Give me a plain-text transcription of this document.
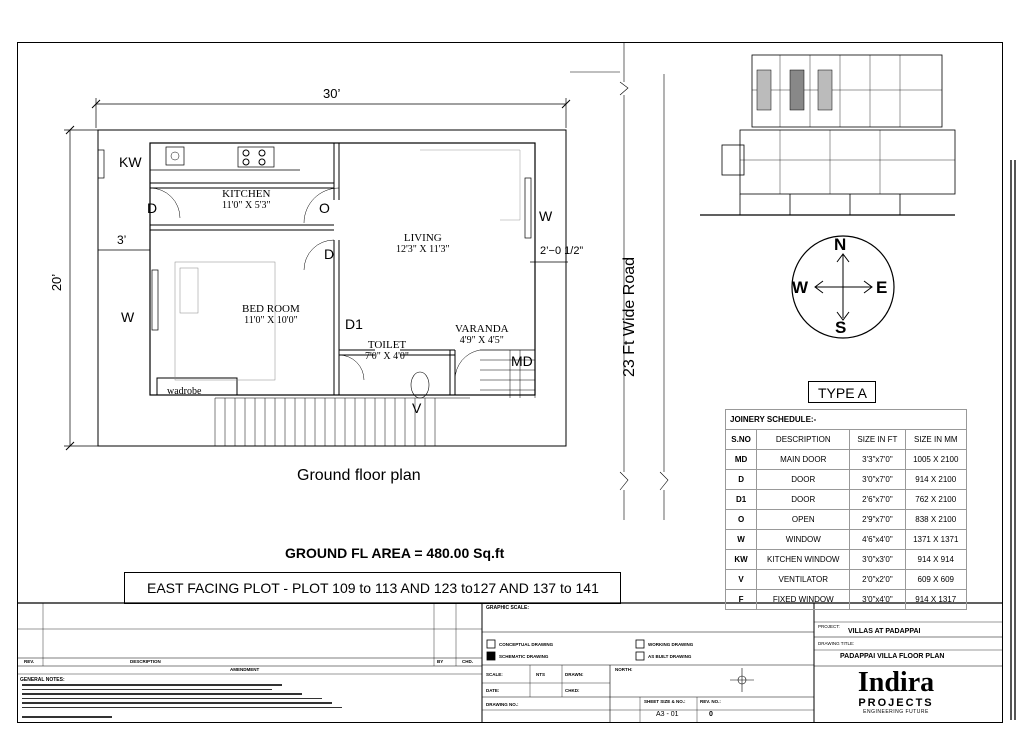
30’
20’
3’
2’−0 1/2”
KITCHEN
11'0" X 5'3"
LIVING
12'3" X 11'3"
BED ROOM
11'0" X 10'0"
TOILET
7'0" X 4'0"
VARANDA
4'9" X 4'5"
wadrobe
KW
D	O	W
D
W	D1
MD
V
Ground floor plan
23 Ft Wide Road
GROUND FL AREA = 480.00 Sq.ft
EAST FACING PLOT - PLOT 109 to 113 AND 123 to127 AND 137 to 141
N
S
E
W
TYPE A
JOINERY SCHEDULE:-
S.NO	DESCRIPTION	SIZE IN FT	SIZE IN MM
MD	MAIN DOOR	3'3"x7'0"	1005 X 2100
D	DOOR	3'0"x7'0"	914 X 2100
D1	DOOR	2'6"x7'0"	762 X 2100
O	OPEN	2'9"x7'0"	838 X 2100
W	WINDOW	4'6"x4'0"	1371 X 1371
KW	KITCHEN WINDOW	3'0"x3'0"	914 X 914
V	VENTILATOR	2'0"x2'0"	609 X 609
F	FIXED WINDOW	3'0"x4'0"	914 X 1317
REV.	DESCRIPTION	BY	CHD.
AMENDMENT
GENERAL NOTES:
GRAPHIC SCALE:
CONCEPTUAL DRAWING
SCHEMATIC DRAWING
WORKING DRAWING
AS BUILT DRAWING
SCALE:	NTS	DRAWN:
DATE:	CHKD:
DRAWING NO.:
NORTH:
SHEET SIZE & NO.:	REV. NO.:
A3 - 01	0
PROJECT:
VILLAS AT PADAPPAI
DRAWING TITLE:
PADAPPAI VILLA FLOOR PLAN
Indira
PROJECTS
ENGINEERING FUTURE
